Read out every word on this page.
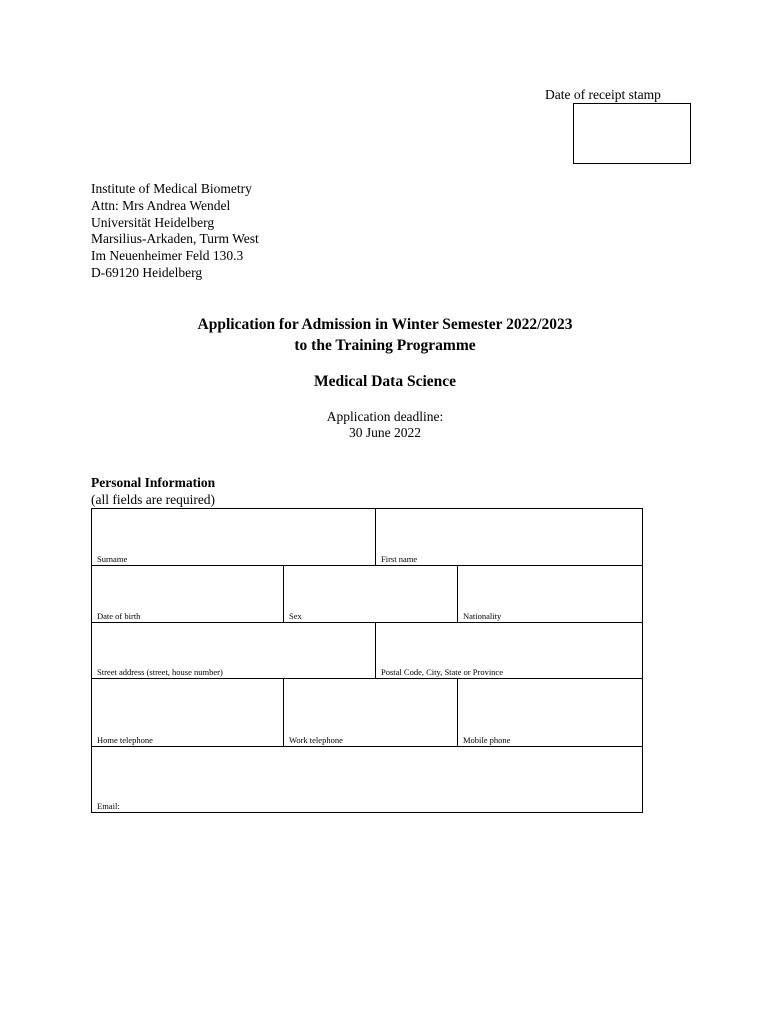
Date of receipt stamp
Institute of Medical Biometry
Attn: Mrs Andrea Wendel
Universität Heidelberg
Marsilius-Arkaden, Turm West
Im Neuenheimer Feld 130.3
D-69120 Heidelberg
Application for Admission in Winter Semester 2022/2023
to the Training Programme
Medical Data Science
Application deadline:
30 June 2022
Personal Information
(all fields are required)
Surname	First name
Date of birth	Sex	Nationality
Street address (street, house number)	Postal Code, City, State or Province
Home telephone	Work telephone	Mobile phone
Email:
